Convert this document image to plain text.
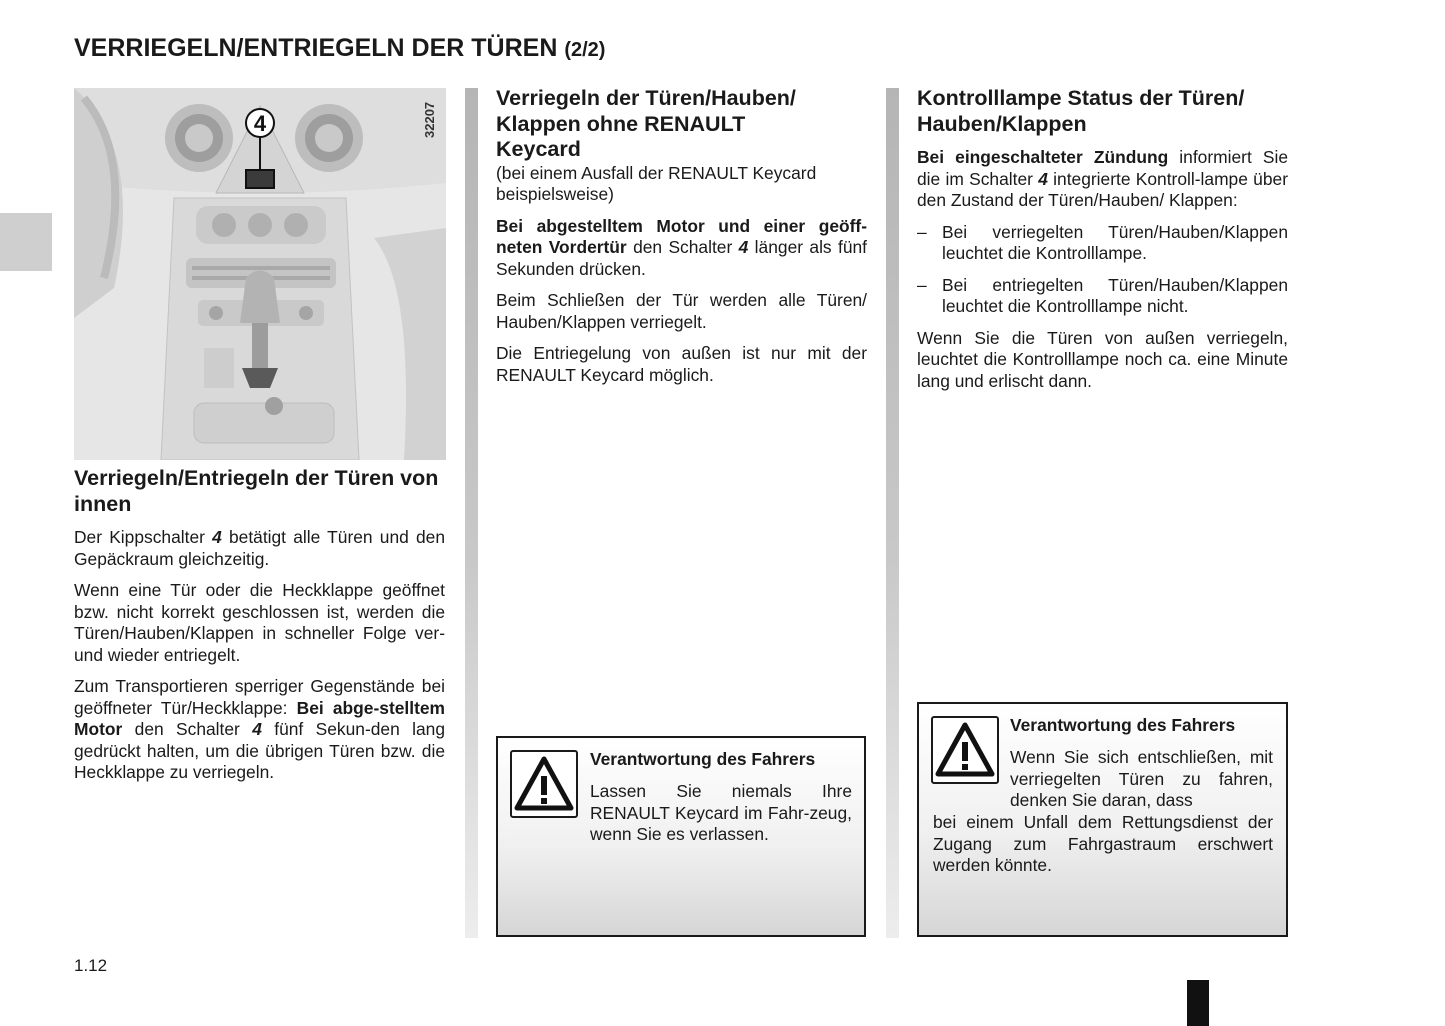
VERRIEGELN/ENTRIEGELN DER TÜREN (2/2)
4	32207
Verriegeln/Entriegeln der Türen von innen

Der Kippschalter 4 betätigt alle Türen und den Gepäckraum gleichzeitig.

Wenn eine Tür oder die Heckklappe geöffnet bzw. nicht korrekt geschlossen ist, werden die Türen/Hauben/Klappen in schneller Folge ver- und wieder entriegelt.

Zum Transportieren sperriger Gegenstände bei geöffneter Tür/Heckklappe: Bei abge-stelltem Motor den Schalter 4 fünf Sekun-den lang gedrückt halten, um die übrigen Türen bzw. die Heckklappe zu verriegeln.

Verriegeln der Türen/Hauben/ Klappen ohne RENAULT Keycard
(bei einem Ausfall der RENAULT Keycard beispielsweise)

Bei abgestelltem Motor und einer geöff-neten Vordertür den Schalter 4 länger als fünf Sekunden drücken.

Beim Schließen der Tür werden alle Türen/ Hauben/Klappen verriegelt.

Die Entriegelung von außen ist nur mit der RENAULT Keycard möglich.

Verantwortung des Fahrers
Lassen Sie niemals Ihre RENAULT Keycard im Fahr-zeug, wenn Sie es verlassen.
Kontrolllampe Status der Türen/ Hauben/Klappen

Bei eingeschalteter Zündung informiert Sie die im Schalter 4 integrierte Kontroll-lampe über den Zustand der Türen/Hauben/ Klappen:

– Bei verriegelten Türen/Hauben/Klappen leuchtet die Kontrolllampe.
– Bei entriegelten Türen/Hauben/Klappen leuchtet die Kontrolllampe nicht.

Wenn Sie die Türen von außen verriegeln, leuchtet die Kontrolllampe noch ca. eine Minute lang und erlischt dann.

Verantwortung des Fahrers
Wenn Sie sich entschließen, mit verriegelten Türen zu fahren, denken Sie daran, dass
bei einem Unfall dem Rettungsdienst der Zugang zum Fahrgastraum erschwert werden könnte.
1.12
